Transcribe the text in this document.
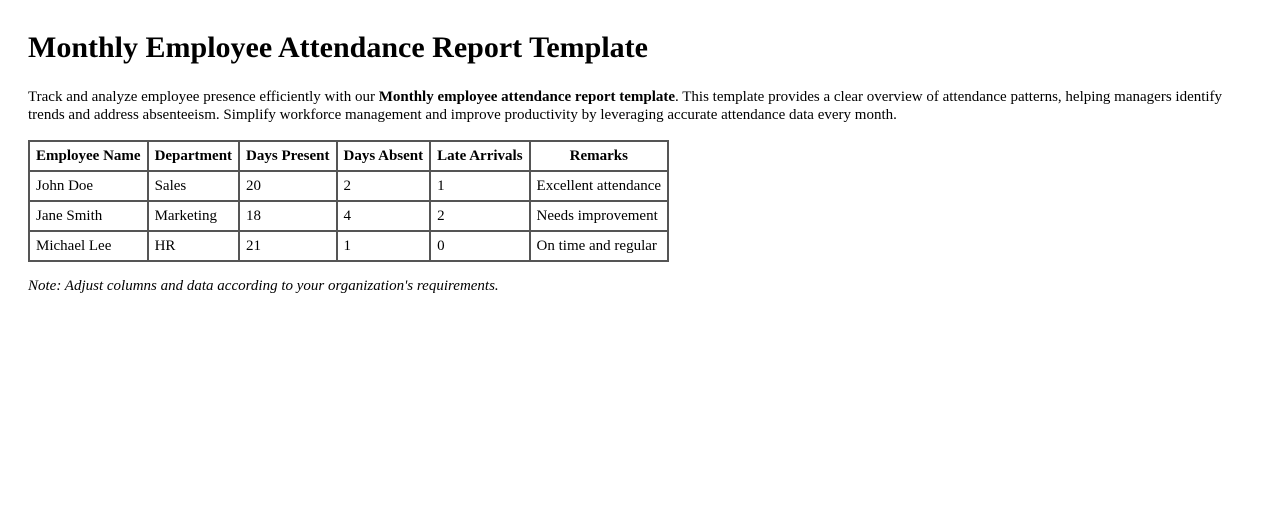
Monthly Employee Attendance Report Template

Track and analyze employee presence efficiently with our Monthly employee attendance report template. This template provides a clear overview of attendance patterns, helping managers identify trends and address absenteeism. Simplify workforce management and improve productivity by leveraging accurate attendance data every month.

Employee Name	Department	Days Present	Days Absent	Late Arrivals	Remarks
John Doe	Sales	20	2	1	Excellent attendance
Jane Smith	Marketing	18	4	2	Needs improvement
Michael Lee	HR	21	1	0	On time and regular

Note: Adjust columns and data according to your organization's requirements.
